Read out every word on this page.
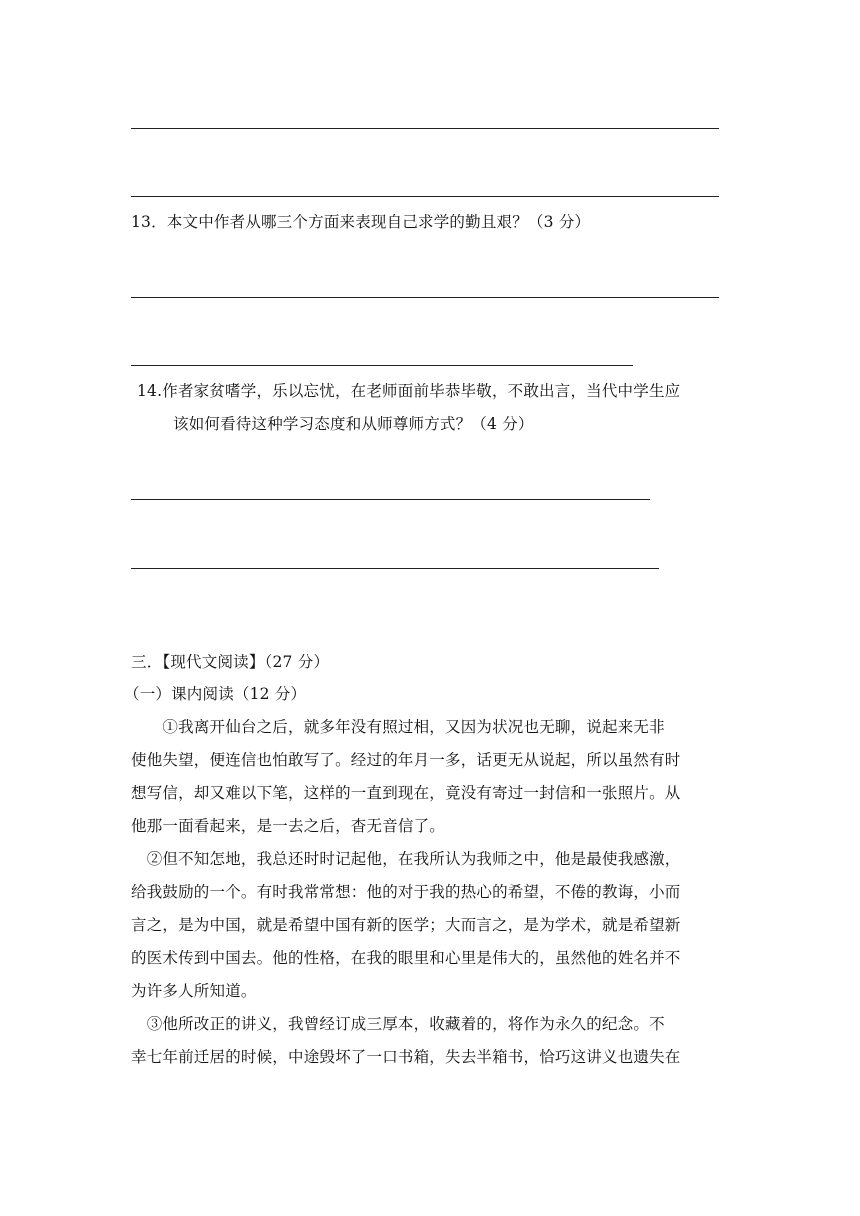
13．本文中作者从哪三个方面来表现自己求学的勤且艰？（3 分）
14.作者家贫嗜学，乐以忘忧，在老师面前毕恭毕敬，不敢出言，当代中学生应
该如何看待这种学习态度和从师尊师方式？（4 分）
三．【现代文阅读】（27 分）
（一）课内阅读（12 分）
　　①我离开仙台之后，就多年没有照过相，又因为状况也无聊，说起来无非
使他失望，便连信也怕敢写了。经过的年月一多，话更无从说起，所以虽然有时
想写信，却又难以下笔，这样的一直到现在，竟没有寄过一封信和一张照片。从
他那一面看起来，是一去之后，杳无音信了。
　②但不知怎地，我总还时时记起他，在我所认为我师之中，他是最使我感激，
给我鼓励的一个。有时我常常想：他的对于我的热心的希望，不倦的教诲，小而
言之，是为中国，就是希望中国有新的医学；大而言之，是为学术，就是希望新
的医术传到中国去。他的性格，在我的眼里和心里是伟大的，虽然他的姓名并不
为许多人所知道。
　③他所改正的讲义，我曾经订成三厚本，收藏着的，将作为永久的纪念。不
幸七年前迁居的时候，中途毁坏了一口书箱，失去半箱书，恰巧这讲义也遗失在
